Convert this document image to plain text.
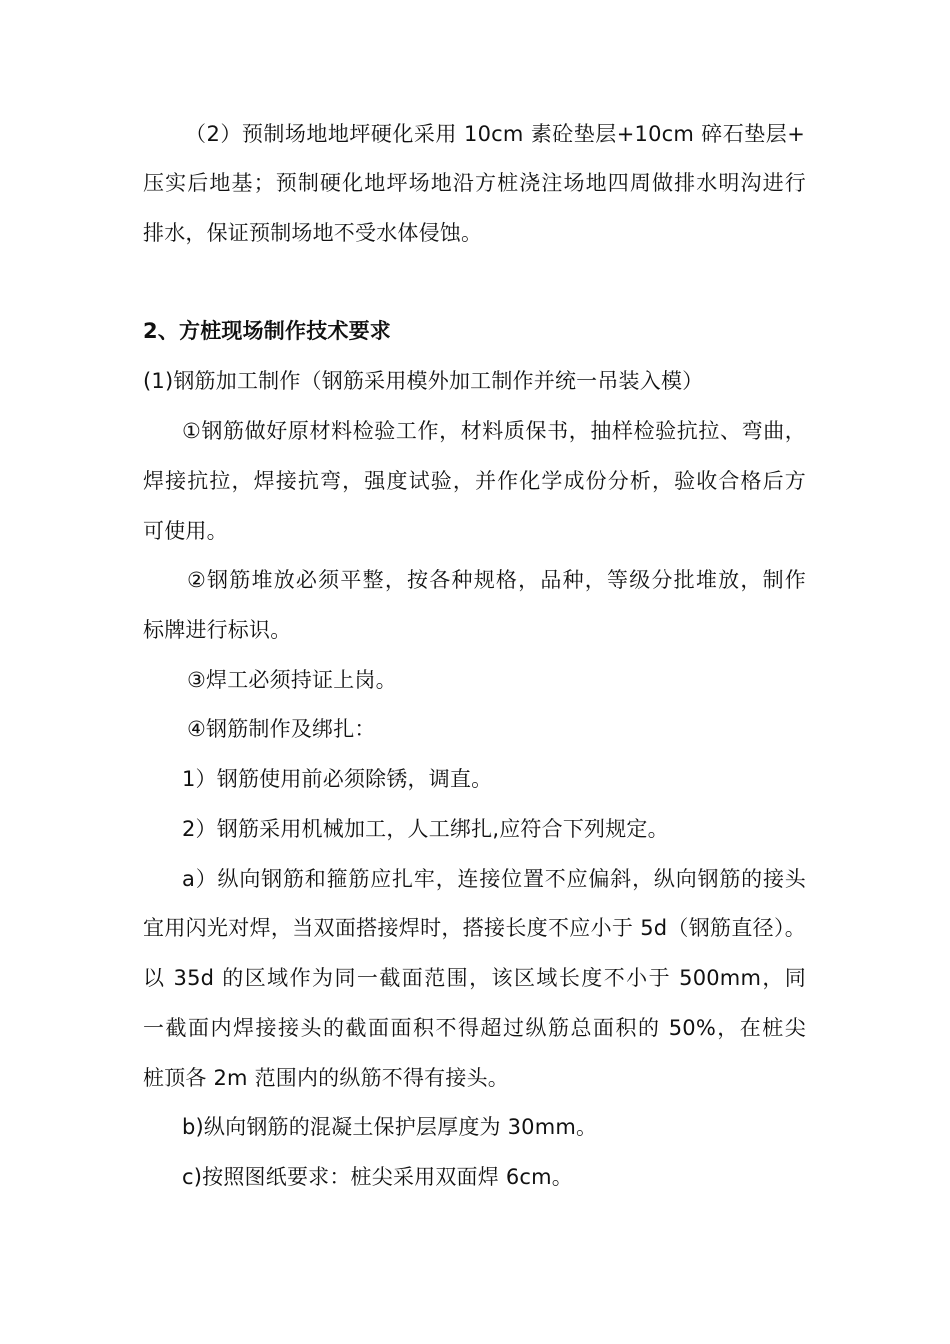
（2）预制场地地坪硬化采用 10cm 素砼垫层+10cm 碎石垫层+
压实后地基；预制硬化地坪场地沿方桩浇注场地四周做排水明沟进行
排水，保证预制场地不受水体侵蚀。
2、方桩现场制作技术要求
(1)钢筋加工制作（钢筋采用模外加工制作并统一吊装入模）
①钢筋做好原材料检验工作，材料质保书，抽样检验抗拉、弯曲，
焊接抗拉，焊接抗弯，强度试验，并作化学成份分析，验收合格后方
可使用。
②钢筋堆放必须平整，按各种规格，品种，等级分批堆放，制作
标牌进行标识。
③焊工必须持证上岗。
④钢筋制作及绑扎：
1）钢筋使用前必须除锈，调直。
2）钢筋采用机械加工，人工绑扎,应符合下列规定。
a）纵向钢筋和箍筋应扎牢，连接位置不应偏斜，纵向钢筋的接头
宜用闪光对焊，当双面搭接焊时，搭接长度不应小于 5d（钢筋直径）。
以 35d 的区域作为同一截面范围，该区域长度不小于 500mm，同
一截面内焊接接头的截面面积不得超过纵筋总面积的 50%，在桩尖
桩顶各 2m 范围内的纵筋不得有接头。
b)纵向钢筋的混凝土保护层厚度为 30mm。
c)按照图纸要求：桩尖采用双面焊 6cm。
